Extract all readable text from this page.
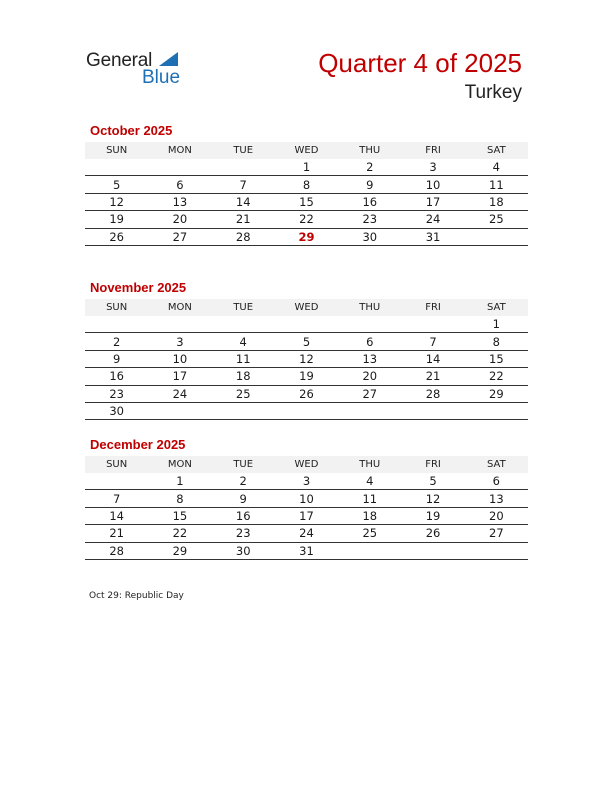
General
Blue	Quarter 4 of 2025
Turkey
October 2025
SUN	MON	TUE	WED	THU	FRI	SAT
			1	2	3	4
5	6	7	8	9	10	11
12	13	14	15	16	17	18
19	20	21	22	23	24	25
26	27	28	29	30	31	
November 2025
SUN	MON	TUE	WED	THU	FRI	SAT
						1
2	3	4	5	6	7	8
9	10	11	12	13	14	15
16	17	18	19	20	21	22
23	24	25	26	27	28	29
30						
December 2025
SUN	MON	TUE	WED	THU	FRI	SAT
	1	2	3	4	5	6
7	8	9	10	11	12	13
14	15	16	17	18	19	20
21	22	23	24	25	26	27
28	29	30	31			
Oct 29: Republic Day
